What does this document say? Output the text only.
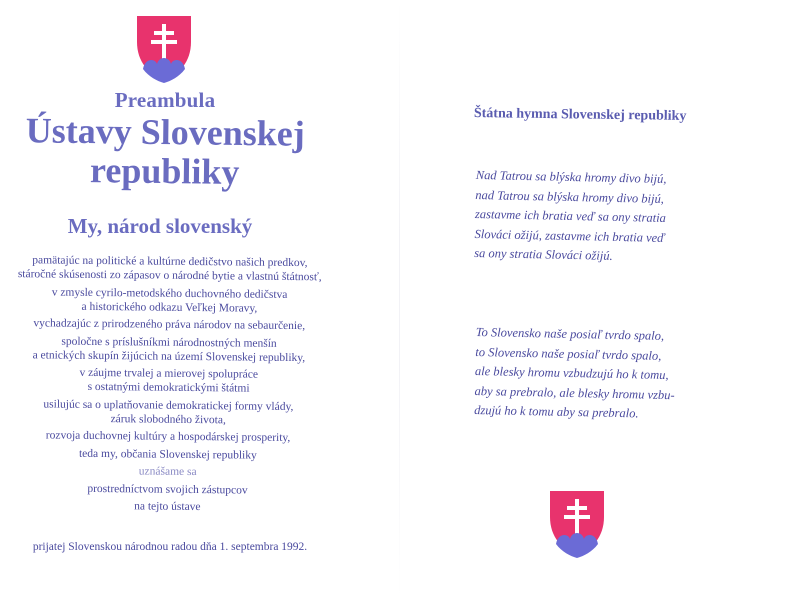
Preambula
Ústavy Slovenskej
republiky
My, národ slovenský
pamätajúc na politické a kultúrne dedičstvo našich predkov,
stáročné skúsenosti zo zápasov o národné bytie a vlastnú štátnosť,
v zmysle cyrilo-metodského duchovného dedičstva
a historického odkazu Veľkej Moravy,
vychadzajúc z prirodzeného práva národov na sebaurčenie,
spoločne s príslušníkmi národnostných menšín
a etnických skupín žijúcich na území Slovenskej republiky,
v záujme trvalej a mierovej spolupráce
s ostatnými demokratickými štátmi
usilujúc sa o uplatňovanie demokratickej formy vlády,
záruk slobodného života,
rozvoja duchovnej kultúry a hospodárskej prosperity,
teda my, občania Slovenskej republiky
uznášame sa
prostredníctvom svojich zástupcov
na tejto ústave
prijatej Slovenskou národnou radou dňa 1. septembra 1992.
Štátna hymna Slovenskej republiky
Nad Tatrou sa blýska hromy divo bijú,
nad Tatrou sa blýska hromy divo bijú,
zastavme ich bratia veď sa ony stratia
Slováci ožijú, zastavme ich bratia veď
sa ony stratia Slováci ožijú.
To Slovensko naše posiaľ tvrdo spalo,
to Slovensko naše posiaľ tvrdo spalo,
ale blesky hromu vzbudzujú ho k tomu,
aby sa prebralo, ale blesky hromu vzbu-
dzujú ho k tomu aby sa prebralo.
